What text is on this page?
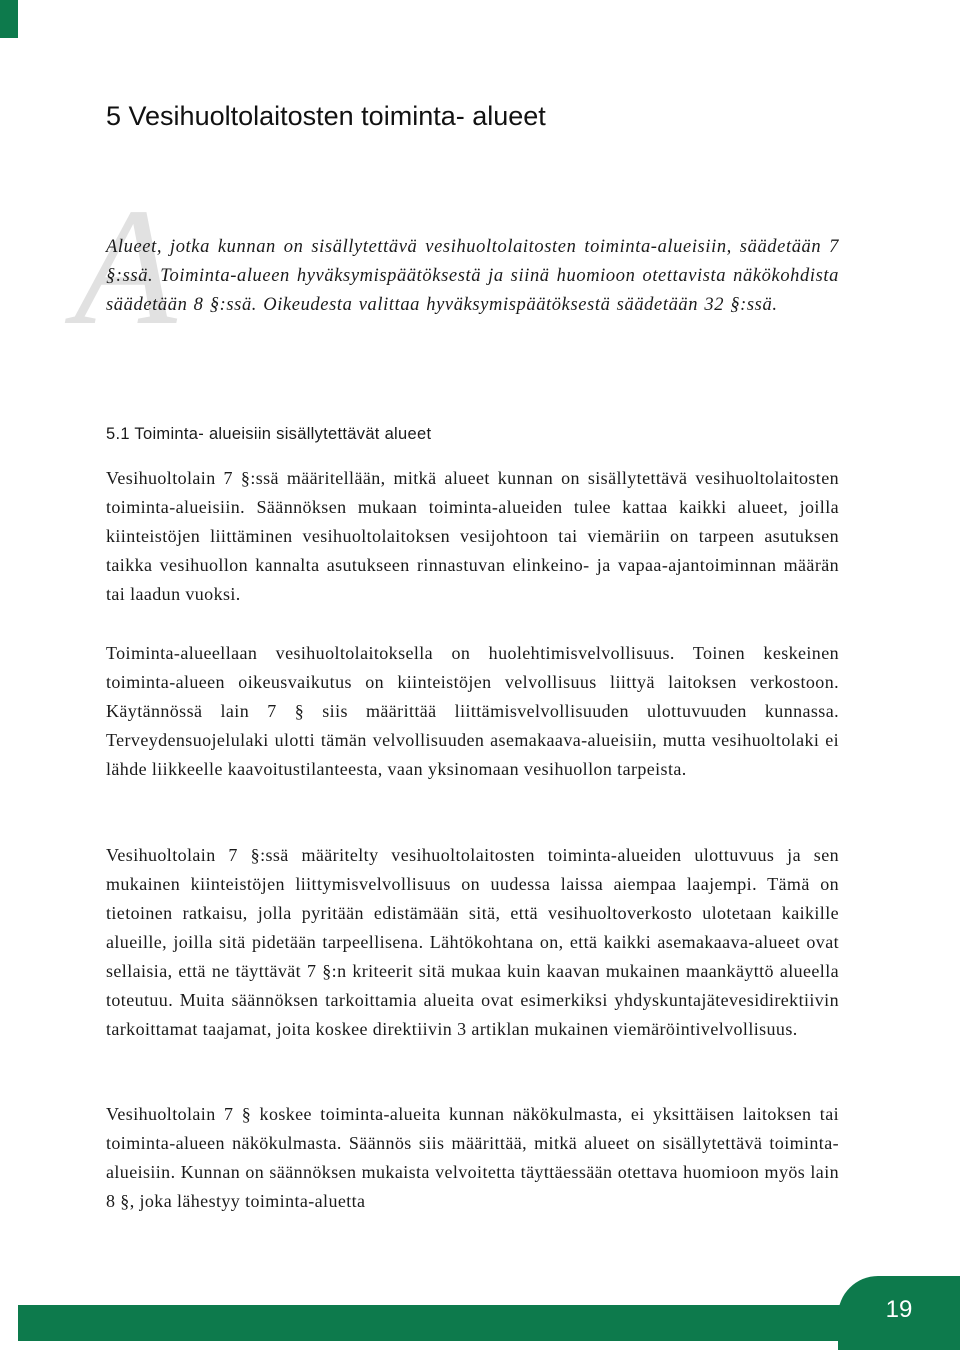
5 Vesihuoltolaitosten toiminta- alueet
A

Alueet, jotka kunnan on sisällytettävä vesihuoltolaitosten toiminta-alueisiin, säädetään 7 §:ssä. Toiminta-alueen hyväksymispäätöksestä ja siinä huomioon otettavista näkökohdista säädetään 8 §:ssä. Oikeudesta valittaa hyväksymispäätöksestä säädetään 32 §:ssä.

5.1 Toiminta- alueisiin sisällytettävät alueet

Vesihuoltolain 7 §:ssä määritellään, mitkä alueet kunnan on sisällytettävä vesihuoltolaitosten toiminta-alueisiin. Säännöksen mukaan toiminta-alueiden tulee kattaa kaikki alueet, joilla kiinteistöjen liittäminen vesihuoltolaitoksen vesijohtoon tai viemäriin on tarpeen asutuksen taikka vesihuollon kannalta asutukseen rinnastuvan elinkeino- ja vapaa-ajantoiminnan määrän tai laadun vuoksi.

Toiminta-alueellaan vesihuoltolaitoksella on huolehtimisvelvollisuus. Toinen keskeinen toiminta-alueen oikeusvaikutus on kiinteistöjen velvollisuus liittyä laitoksen verkostoon. Käytännössä lain 7 § siis määrittää liittämisvelvollisuuden ulottuvuuden kunnassa. Terveydensuojelulaki ulotti tämän velvollisuuden asemakaava-alueisiin, mutta vesihuoltolaki ei lähde liikkeelle kaavoitustilanteesta, vaan yksinomaan vesihuollon tarpeista.

Vesihuoltolain 7 §:ssä määritelty vesihuoltolaitosten toiminta-alueiden ulottuvuus ja sen mukainen kiinteistöjen liittymisvelvollisuus on uudessa laissa aiempaa laajempi. Tämä on tietoinen ratkaisu, jolla pyritään edistämään sitä, että vesihuoltoverkosto ulotetaan kaikille alueille, joilla sitä pidetään tarpeellisena. Lähtökohtana on, että kaikki asemakaava-alueet ovat sellaisia, että ne täyttävät 7 §:n kriteerit sitä mukaa kuin kaavan mukainen maankäyttö alueella toteutuu. Muita säännöksen tarkoittamia alueita ovat esimerkiksi yhdyskuntajätevesidirektiivin tarkoittamat taajamat, joita koskee direktiivin 3 artiklan mukainen viemäröintivelvollisuus.

Vesihuoltolain 7 § koskee toiminta-alueita kunnan näkökulmasta, ei yksittäisen laitoksen tai toiminta-alueen näkökulmasta. Säännös siis määrittää, mitkä alueet on sisällytettävä toiminta-alueisiin. Kunnan on säännöksen mukaista velvoitetta täyttäessään otettava huomioon myös lain 8 §, joka lähestyy toiminta-aluetta

19
